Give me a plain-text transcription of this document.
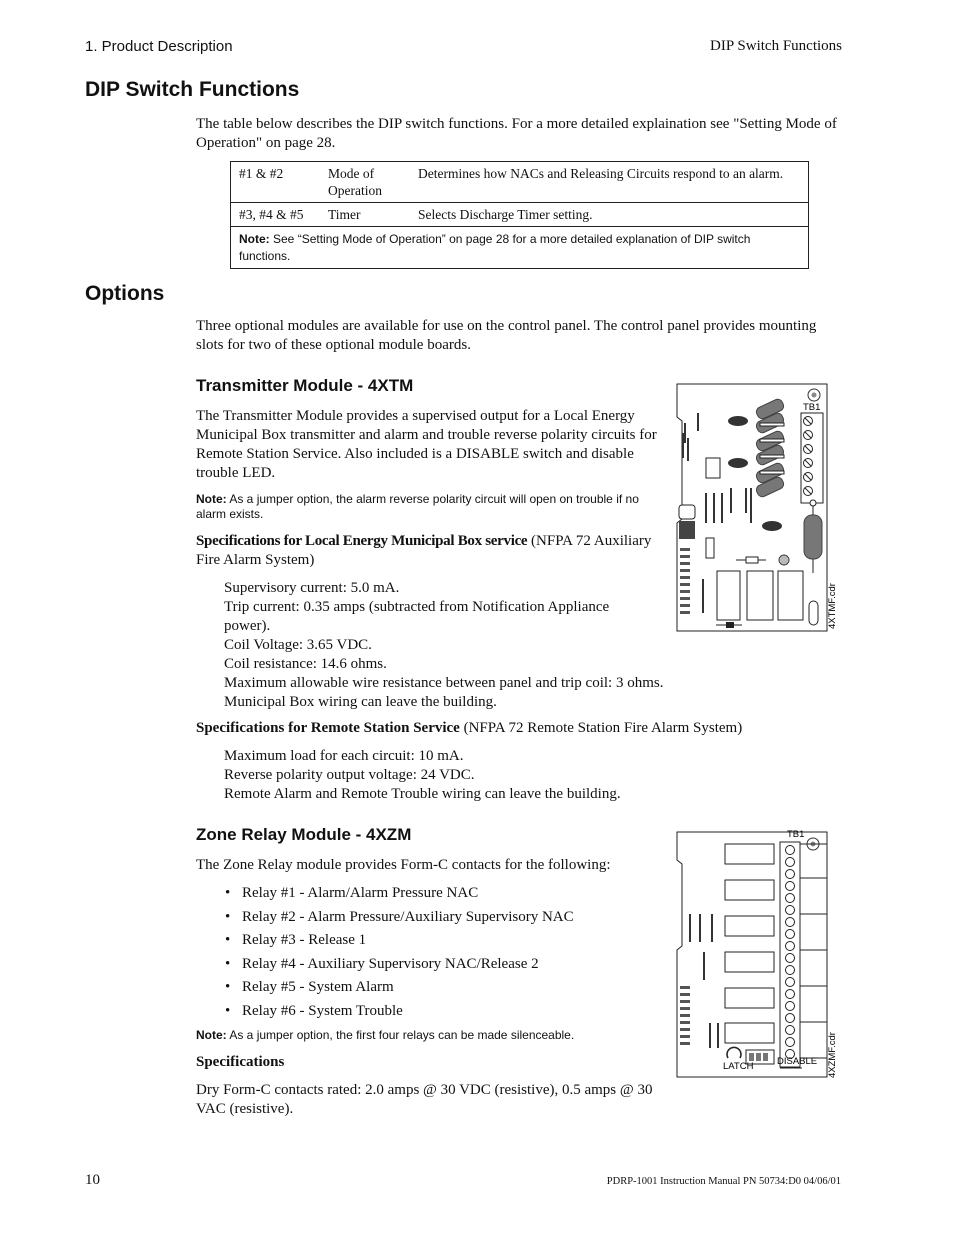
1. Product Description	DIP Switch Functions
DIP Switch Functions

The table below describes the DIP switch functions. For a more detailed explaination see "Setting Mode of Operation" on page 28.

#1 & #2	Mode of Operation	Determines how NACs and Releasing Circuits respond to an alarm.
#3, #4 & #5	Timer	Selects Discharge Timer setting.
Note: See “Setting Mode of Operation” on page 28 for a more detailed explanation of DIP switch functions.		
Options

Three optional modules are available for use on the control panel. The control panel provides mounting slots for two of these optional module boards.

Transmitter Module - 4XTM

The Transmitter Module provides a supervised output for a Local Energy Municipal Box transmitter and alarm and trouble reverse polarity circuits for Remote Station Service. Also included is a DISABLE switch and disable trouble LED.

Note: As a jumper option, the alarm reverse polarity circuit will open on trouble if no alarm exists.

Specifications for Local Energy Municipal Box service (NFPA 72 Auxiliary Fire Alarm System)

Supervisory current: 5.0 mA.
Trip current: 0.35 amps (subtracted from Notification Appliance
power).
Coil Voltage: 3.65 VDC.
Coil resistance: 14.6 ohms.
Maximum allowable wire resistance between panel and trip coil: 3 ohms.
Municipal Box wiring can leave the building.

Specifications for Remote Station Service (NFPA 72 Remote Station Fire Alarm System)

Maximum load for each circuit: 10 mA.
Reverse polarity output voltage: 24 VDC.
Remote Alarm and Remote Trouble wiring can leave the building.
TB1
4XTMF.cdr
Zone Relay Module - 4XZM

The Zone Relay module provides Form-C contacts for the following:

• Relay #1 - Alarm/Alarm Pressure NAC
• Relay #2 - Alarm Pressure/Auxiliary Supervisory NAC
• Relay #3 - Release 1
• Relay #4 - Auxiliary Supervisory NAC/Release 2
• Relay #5 - System Alarm
• Relay #6 - System Trouble
Note: As a jumper option, the first four relays can be made silenceable.

Specifications

Dry Form-C contacts rated: 2.0 amps @ 30 VDC (resistive), 0.5 amps @ 30 VAC (resistive).

TB1
LATCH DISABLE 4XZMF.cdr
10	PDRP-1001 Instruction Manual PN 50734:D0 04/06/01
